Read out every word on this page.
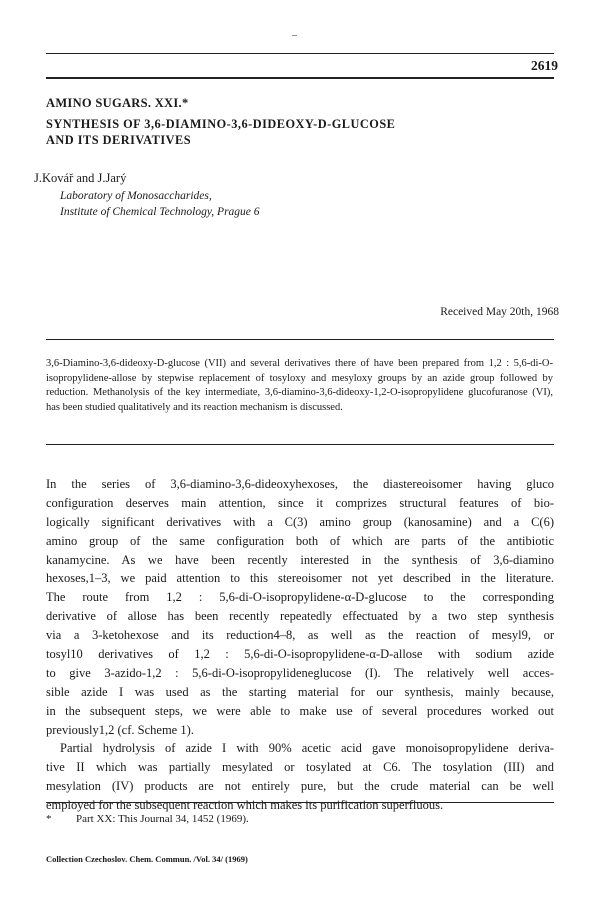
–
2619
AMINO SUGARS. XXI.*
SYNTHESIS OF 3,6-DIAMINO-3,6-DIDEOXY-D-GLUCOSE
AND ITS DERIVATIVES
J.Kovář and J.Jarý
Laboratory of Monosaccharides,
Institute of Chemical Technology, Prague 6
Received May 20th, 1968
3,6-Diamino-3,6-dideoxy-D-glucose (VII) and several derivatives there of have been prepared from 1,2 : 5,6-di-O-isopropylidene-allose by stepwise replacement of tosyloxy and mesyloxy groups by an azide group followed by reduction. Methanolysis of the key intermediate, 3,6-diamino-3,6-dideoxy-1,2-O-isopropylidene glucofuranose (VI), has been studied qualitatively and its reaction mechanism is discussed.
In the series of 3,6-diamino-3,6-dideoxyhexoses, the diastereoisomer having gluco
configuration deserves main attention, since it comprizes structural features of bio-
logically significant derivatives with a C(3) amino group (kanosamine) and a C(6)
amino group of the same configuration both of which are parts of the antibiotic
kanamycine. As we have been recently interested in the synthesis of 3,6-diamino
hexoses,1–3, we paid attention to this stereoisomer not yet described in the literature.
The route from 1,2 : 5,6-di-O-isopropylidene-α-D-glucose to the corresponding
derivative of allose has been recently repeatedly effectuated by a two step synthesis
via a 3-ketohexose and its reduction4–8, as well as the reaction of mesyl9, or
tosyl10 derivatives of 1,2 : 5,6-di-O-isopropylidene-α-D-allose with sodium azide
to give 3-azido-1,2 : 5,6-di-O-isopropylideneglucose (I). The relatively well acces-
sible azide I was used as the starting material for our synthesis, mainly because,
in the subsequent steps, we were able to make use of several procedures worked out
previously1,2 (cf. Scheme 1).
Partial hydrolysis of azide I with 90% acetic acid gave monoisopropylidene deriva-
tive II which was partially mesylated or tosylated at C6. The tosylation (III) and
mesylation (IV) products are not entirely pure, but the crude material can be well
employed for the subsequent reaction which makes its purification superfluous.
* Part XX: This Journal 34, 1452 (1969).
Collection Czechoslov. Chem. Commun. /Vol. 34/ (1969)
